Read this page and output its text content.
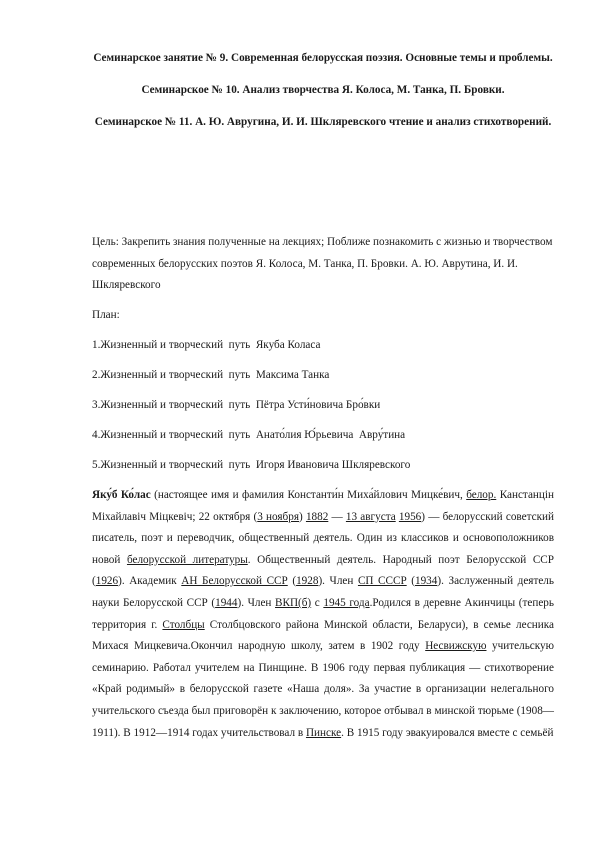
Семинарское занятие № 9. Современная белорусская поэзия. Основные темы и проблемы.

Семинарское № 10. Анализ творчества Я. Колоса, М. Танка, П. Бровки.

Семинарское № 11. А. Ю. Авругина, И. И. Шклярeвского чтение и анализ стихотворений.

Цель: Закрепить знания полученные на лекциях; Поближе познакомить с жизнью и творчеством современных белорусских поэтов Я. Колоса, М. Танка, П. Бровки. А. Ю. Аврутина, И. И. Шклярeвского

План:

1.Жизненный и творческий  путь  Якуба Коласа

2.Жизненный и творческий  путь  Максима Танка

3.Жизненный и творческий  путь  Пётра Усти́новича Бро́вки

4.Жизненный и творческий  путь  Анато́лия Ю́рьевича  Авру́тина

5.Жизненный и творческий  путь  Игоря Ивановича Шклярeвского

Яку́б Ко́лас (настоящее имя и фамилия Константи́н Миха́йлович Мицке́вич, белор. Канстанцін Міхайлавіч Міцкевіч; 22 октября (3 ноября) 1882 — 13 августа 1956) — белорусский советский писатель, поэт и переводчик, общественный деятель. Один из классиков и основоположников новой белорусской литературы. Общественный деятель. Народный поэт Белорусской ССР (1926). Академик АН Белорусской ССР (1928). Член СП СССР (1934). Заслуженный деятель науки Белорусской ССР (1944). Член ВКП(б) с 1945 года.Родился в деревне Акинчицы (теперь территория г. Столбцы Столбцовского района Минской области, Беларуси), в семье лесника Михася Мицкевича.Окончил народную школу, затем в 1902 году Несвижскую учительскую семинарию. Работал учителем на Пинщине. В 1906 году первая публикация — стихотворение «Край родимый» в белорусской газете «Наша доля». За участие в организации нелегального учительского съезда был приговорён к заключению, которое отбывал в минской тюрьме (1908—1911). В 1912—1914 годах учительствовал в Пинске. В 1915 году эвакуировался вместе с семьёй
